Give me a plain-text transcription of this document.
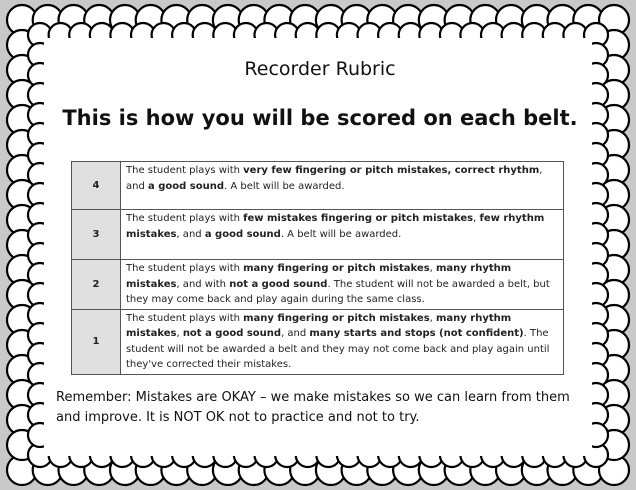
Recorder Rubric
This is how you will be scored on each belt.
4	The student plays with very few fingering or pitch mistakes, correct rhythm, and a good sound. A belt will be awarded.
3	The student plays with few mistakes fingering or pitch mistakes, few rhythm mistakes, and a good sound. A belt will be awarded.
2	The student plays with many fingering or pitch mistakes, many rhythm mistakes, and with not a good sound. The student will not be awarded a belt, but they may come back and play again during the same class.
1	The student plays with many fingering or pitch mistakes, many rhythm mistakes, not a good sound, and many starts and stops (not confident). The student will not be awarded a belt and they may not come back and play again until they've corrected their mistakes.
Remember: Mistakes are OKAY – we make mistakes so we can learn from them and improve. It is NOT OK not to practice and not to try.
